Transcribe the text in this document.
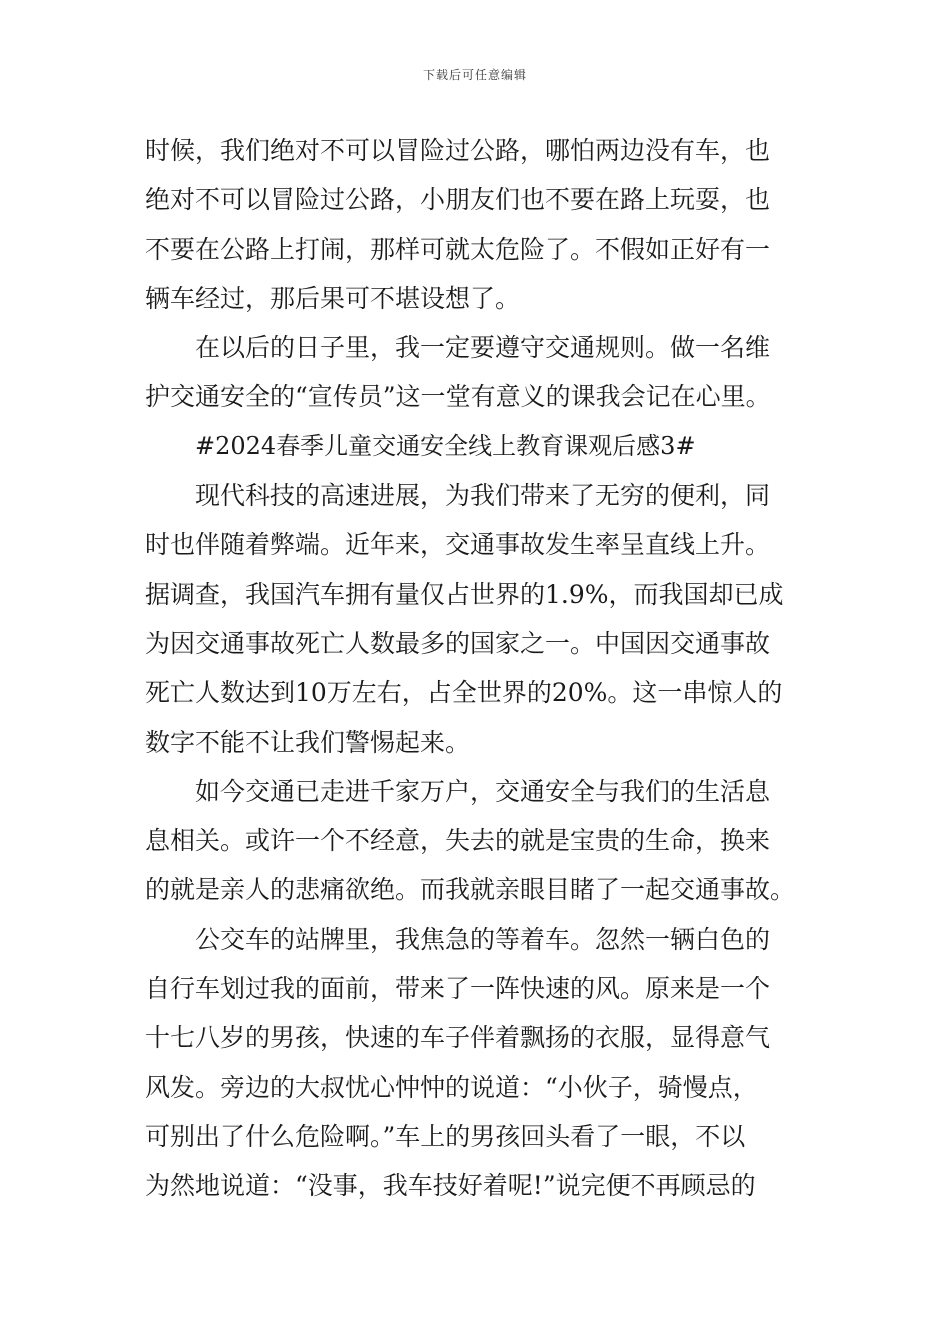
下载后可任意编辑
时候，我们绝对不可以冒险过公路，哪怕两边没有车，也
绝对不可以冒险过公路，小朋友们也不要在路上玩耍，也
不要在公路上打闹，那样可就太危险了。不假如正好有一
辆车经过，那后果可不堪设想了。
在以后的日子里，我一定要遵守交通规则。做一名维
护交通安全的“宣传员”这一堂有意义的课我会记在心里。
#2024春季儿童交通安全线上教育课观后感3#
现代科技的高速进展，为我们带来了无穷的便利，同
时也伴随着弊端。近年来，交通事故发生率呈直线上升。
据调查，我国汽车拥有量仅占世界的1.9%，而我国却已成
为因交通事故死亡人数最多的国家之一。中国因交通事故
死亡人数达到10万左右，占全世界的20%。这一串惊人的
数字不能不让我们警惕起来。
如今交通已走进千家万户，交通安全与我们的生活息
息相关。或许一个不经意，失去的就是宝贵的生命，换来
的就是亲人的悲痛欲绝。而我就亲眼目睹了一起交通事故。
公交车的站牌里，我焦急的等着车。忽然一辆白色的
自行车划过我的面前，带来了一阵快速的风。原来是一个
十七八岁的男孩，快速的车子伴着飘扬的衣服，显得意气
风发。旁边的大叔忧心忡忡的说道：“小伙子，骑慢点，
可别出了什么危险啊。”车上的男孩回头看了一眼，不以
为然地说道：“没事，我车技好着呢!”说完便不再顾忌的
